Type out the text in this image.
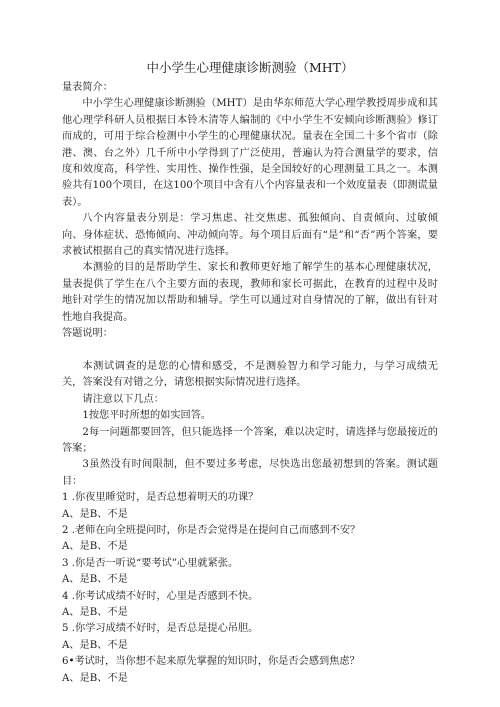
中小学生心理健康诊断测验（MHT）

量表简介：

中小学生心理健康诊断测验（MHT）是由华东师范大学心理学教授周步成和其他心理学科研人员根据日本铃木清等人编制的《中小学生不安倾向诊断测验》修订而成的，可用于综合检测中小学生的心理健康状况。量表在全国二十多个省市（除港、澳、台之外）几千所中小学得到了广泛使用，普遍认为符合测量学的要求，信度和效度高，科学性、实用性、操作性强，是全国较好的心理测量工具之一。本测验共有100个项目，在这100个项目中含有八个内容量表和一个效度量表（即测谎量表）。

八个内容量表分别是：学习焦虑、社交焦虑、孤独倾向、自责倾向、过敏倾向、身体症状、恐怖倾向、冲动倾向等。每个项目后面有“是”和“否”两个答案，要求被试根据自己的真实情况进行选择。

本测验的目的是帮助学生、家长和教师更好地了解学生的基本心理健康状况，量表提供了学生在八个主要方面的表现，教师和家长可据此，在教育的过程中及时地针对学生的情况加以帮助和辅导。学生可以通过对自身情况的了解，做出有针对性地自我提高。

答题说明：

本测试调查的是您的心情和感受，不是测验智力和学习能力，与学习成绩无关，答案没有对错之分，请您根据实际情况进行选择。

请注意以下几点：

1按您平时所想的如实回答。

2每一问题都要回答，但只能选择一个答案，难以决定时，请选择与您最接近的答案；

3虽然没有时间限制，但不要过多考虑，尽快选出您最初想到的答案。测试题目：

1 .你夜里睡觉时，是否总想着明天的功课？

A、是B、不是

2 .老师在向全班提问时，你是否会觉得是在提问自己而感到不安？

A、是B、不是

3 .你是否一听说“要考试”心里就紧张。

A、是B、不是

4 .你考试成绩不好时，心里是否感到不快。

A、是B、不是

5 .你学习成绩不好时，是否总是提心吊胆。

A、是B、不是

6•考试时，当你想不起来原先掌握的知识时，你是否会感到焦虑？

A、是B、不是
